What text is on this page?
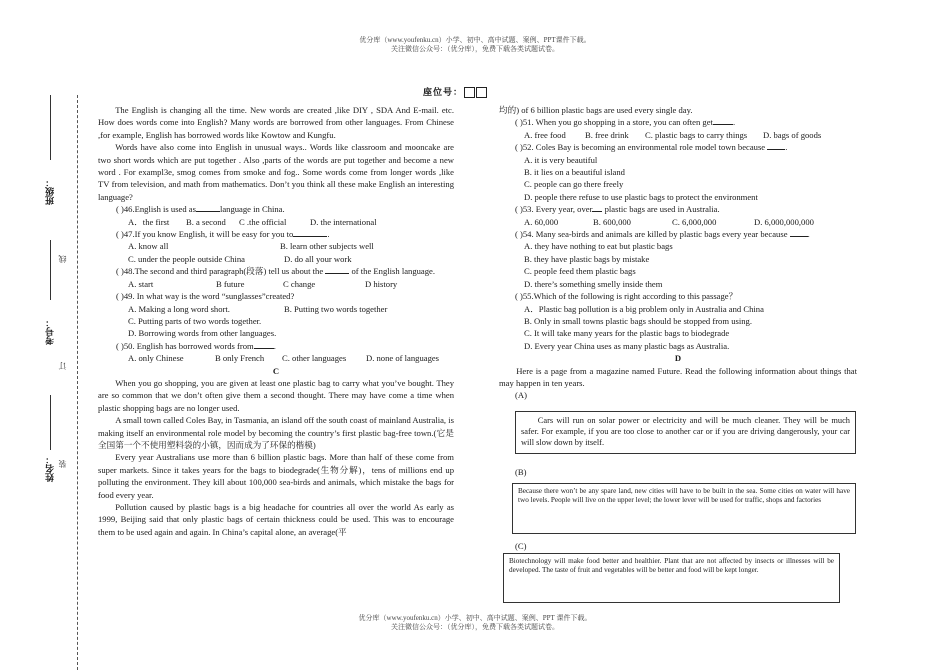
优分库（www.youfenku.cn）小学、初中、高中试题、案例、PPT课件下载。
关注微信公众号：（优分库），免费下载各类试题试卷。
座位号：
班级：
线
考号：
订
姓名： 装

The English is changing all the time. New words are created ,like DIY , SDA And E-mail. etc. How does words come into English? Many words are borrowed from other languages. From Chinese ,for example, English has borrowed words like Kowtow and Kungfu.

Words have also come into English in unusual ways.. Words like classroom and mooncake are two short words which are put together . Also ,parts of the words are put together and become a new word . For exampl3e, smog comes from smoke and fog.. Some words come from longer words ,like TV from television, and math from mathematics. Don’t you think all these make English an interesting language?

( )46.English is used as	language in China.
A．the first B. a second C .the official	D. the international
( )47.If you know English, it will be easy for you to	.
A. know all	B. learn other subjects well
C. under the people outside China	D. do all your work

( )48.The second and third paragraph(段落) tell us about the	of the English language.

A. start	B future	C change	D history
( )49. In what way is the word “sunglasses”created?
A. Making a long word short.	B. Putting two words together
C. Putting parts of two words together.
D. Borrowing words from other languages.
( )50. English has borrowed words from .
A. only Chinese	B only French C. other languages D. none of languages
C

When you go shopping, you are given at least one plastic bag to carry what you’ve bought. They are so common that we don’t often give them a second thought. There may have come a time when plastic shopping bags are no longer used.

A small town called Coles Bay, in Tasmania, an island off the south coast of mainland Australia, is making itself an environmental role model by becoming the country’s first plastic bag-free town.(它是全国第一个不使用塑料袋的小镇，因而成为了环保的楷模)

Every year Australians use more than 6 billion plastic bags. More than half of these come from super markets. Since it takes years for the bags to biodegrade(生物分解)，tens of millions end up polluting the environment. They kill about 100,000 sea-birds and animals, which mistake the bags for food every year.

Pollution caused by plastic bags is a big headache for countries all over the world As early as 1999, Beijing said that only plastic bags of certain thickness could be used. This was to encourage them to be used again and again. In China’s capital alone, an average(平

均的) of 6 billion plastic bags are used every single day.

( )51. When you go shopping in a store, you can often get .
A. free food B. free drink C. plastic bags to carry things D. bags of goods
( )52. Coles Bay is becoming an environmental role model town because .
A. it is very beautiful
B. it lies on a beautiful island
C. people can go there freely
D. people there refuse to use plastic bags to protect the environment
( )53. Every year, over plastic bags are used in Australia.
A. 60,000	B. 600,000	C. 6,000,000	D. 6,000,000,000
( )54. Many sea-birds and animals are killed by plastic bags every year because .
A. they have nothing to eat but plastic bags
B. they have plastic bags by mistake
C. people feed them plastic bags
D. there’s something smelly inside them
( )55.Which of the following is right according to this passage？
A．Plastic bag pollution is a big problem only in Australia and China
B. Only in small towns plastic bags should be stopped from using.
C. It will take many years for the plastic bags to biodegrade
D. Every year China uses as many plastic bags as Australia.
D

Here is a page from a magazine named Future. Read the following information about things that may happen in ten years.

(A)
Cars will run on solar power or electricity and will be much cleaner. They will be much safer. For example, if you are too close to another car or if you are driving dangerously, your car will slow down by itself.
(B)
Because there won’t be any spare land, new cities will have to be built in the sea. Some cities on water will have two levels. People will live on the upper level; the lower lever will be used for traffic, shops and factories
(C)
Biotechnology will make food better and healthier. Plant that are not affected by insects or illnesses will be developed. The taste of fruit and vegetables will be better and food will be kept longer.
优分库（www.youfenku.cn）小学、初中、高中试题、案例、PPT 课件下载。
关注微信公众号：（优分库），免费下载各类试题试卷。
